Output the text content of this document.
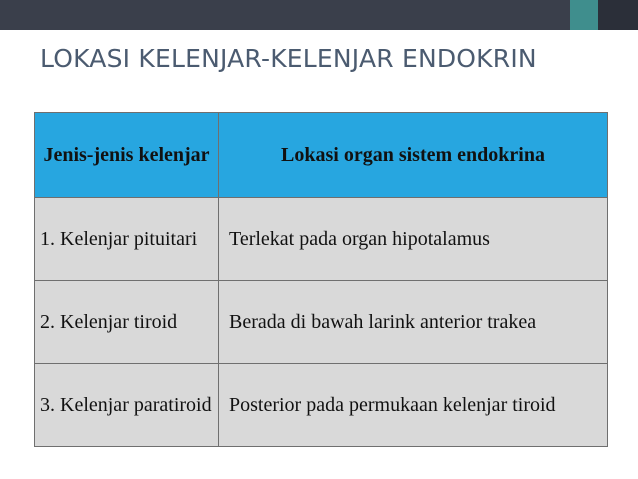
LOKASI KELENJAR-KELENJAR ENDOKRIN
Jenis-jenis kelenjar	Lokasi organ sistem endokrina
1. Kelenjar pituitari	Terlekat pada organ hipotalamus
2. Kelenjar tiroid	Berada di bawah larink anterior trakea
3. Kelenjar paratiroid	Posterior pada permukaan kelenjar tiroid
